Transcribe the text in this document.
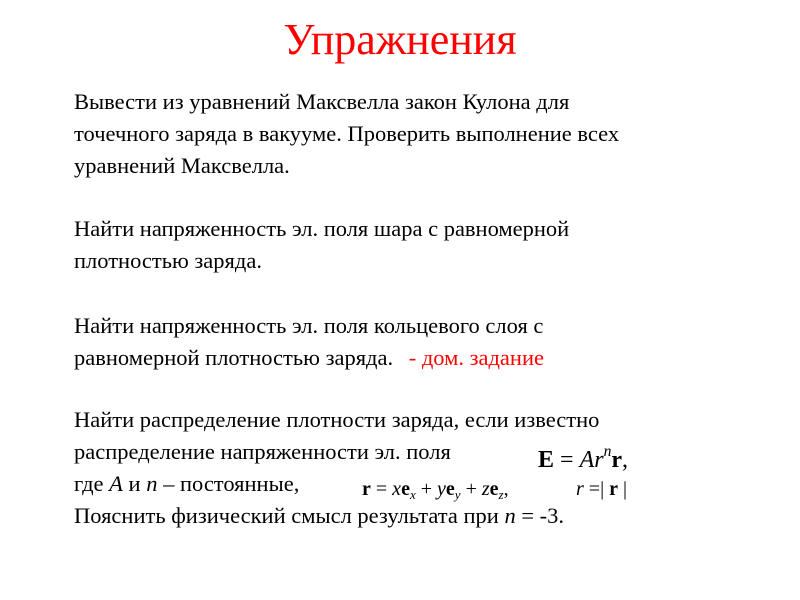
Упражнения
Вывести из уравнений Максвелла закон Кулона для
точечного заряда в вакууме. Проверить выполнение всех
уравнений Максвелла.
Найти напряженность эл. поля шара с равномерной
плотностью заряда.
Найти напряженность эл. поля кольцевого слоя с
равномерной плотностью заряда. - дом. задание
Найти распределение плотности заряда, если известно
распределение напряженности эл. поля
где A и n – постоянные,
Пояснить физический смысл результата при n = -3.
$E = Ar^nr$,
$r = xe_x + ye_y + ze_z$,	r =| r |
